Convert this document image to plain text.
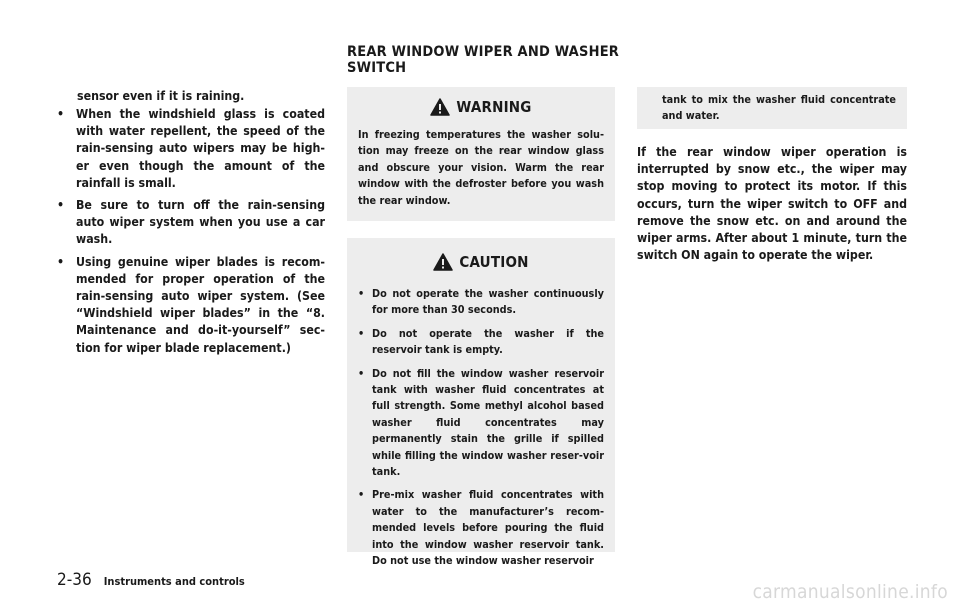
sensor even if it is raining.

• When the windshield glass is coated with water repellent, the speed of the rain-sensing auto wipers may be high-er even though the amount of the rainfall is small.
• Be sure to turn off the rain-sensing auto wiper system when you use a car wash.
• Using genuine wiper blades is recom-mended for proper operation of the rain-sensing auto wiper system. (See “Windshield wiper blades” in the “8. Maintenance and do-it-yourself” sec-tion for wiper blade replacement.)
REAR WINDOW WIPER AND WASHER SWITCH
WARNING

In freezing temperatures the washer solu-tion may freeze on the rear window glass and obscure your vision. Warm the rear window with the defroster before you wash the rear window.

CAUTION
• Do not operate the washer continuously for more than 30 seconds.
• Do not operate the washer if the reservoir tank is empty.
• Do not fill the window washer reservoir tank with washer fluid concentrates at full strength. Some methyl alcohol based washer fluid concentrates may permanently stain the grille if spilled while filling the window washer reser-voir tank.
• Pre-mix washer fluid concentrates with water to the manufacturer’s recom-mended levels before pouring the fluid into the window washer reservoir tank. Do not use the window washer reservoir

tank to mix the washer fluid concentrate and water.

If the rear window wiper operation is interrupted by snow etc., the wiper may stop moving to protect its motor. If this occurs, turn the wiper switch to OFF and remove the snow etc. on and around the wiper arms. After about 1 minute, turn the switch ON again to operate the wiper.

2-36 Instruments and controls	carmanualsonline.info
